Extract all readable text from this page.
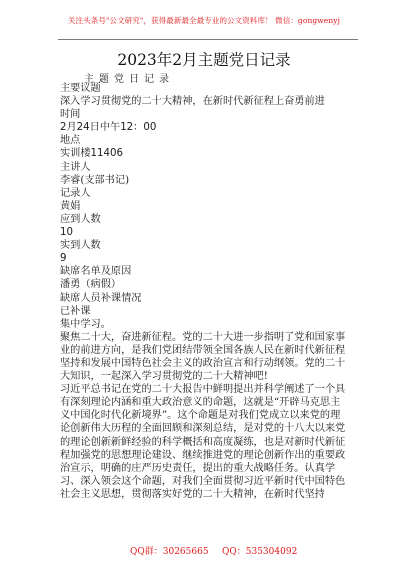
关注头条号"公文研究"，获得最新最全最专业的公文资料库！ 微信：gongwenyj
2023年2月主题党日记录
主题党日记录

主要议题

深入学习贯彻党的二十大精神，在新时代新征程上奋勇前进

时间

2月24日中午12：00

地点

实训楼11406

主讲人

李睿(支部书记)

记录人

黄娟

应到人数

10

实到人数

9

缺席名单及原因

潘勇（病假）

缺席人员补课情况

已补课

集中学习。

聚焦二十大，奋进新征程。党的二十大进一步指明了党和国家事业的前进方向，是我们党团结带领全国各族人民在新时代新征程坚持和发展中国特色社会主义的政治宣言和行动纲领。党的二十大知识，一起深入学习贯彻党的二十大精神吧!

习近平总书记在党的二十大报告中鲜明提出并科学阐述了一个具有深刻理论内涵和重大政治意义的命题，这就是“开辟马克思主义中国化时代化新境界”。这个命题是对我们党成立以来党的理论创新伟大历程的全面回顾和深刻总结，是对党的十八大以来党的理论创新新鲜经验的科学概括和高度凝练，也是对新时代新征程加强党的思想理论建设、继续推进党的理论创新作出的重要政治宣示，明确的庄严历史责任，提出的重大战略任务。认真学习、深入领会这个命题，对我们全面贯彻习近平新时代中国特色社会主义思想，贯彻落实好党的二十大精神，在新时代坚持

QQ群：30265665 QQ：535304092
